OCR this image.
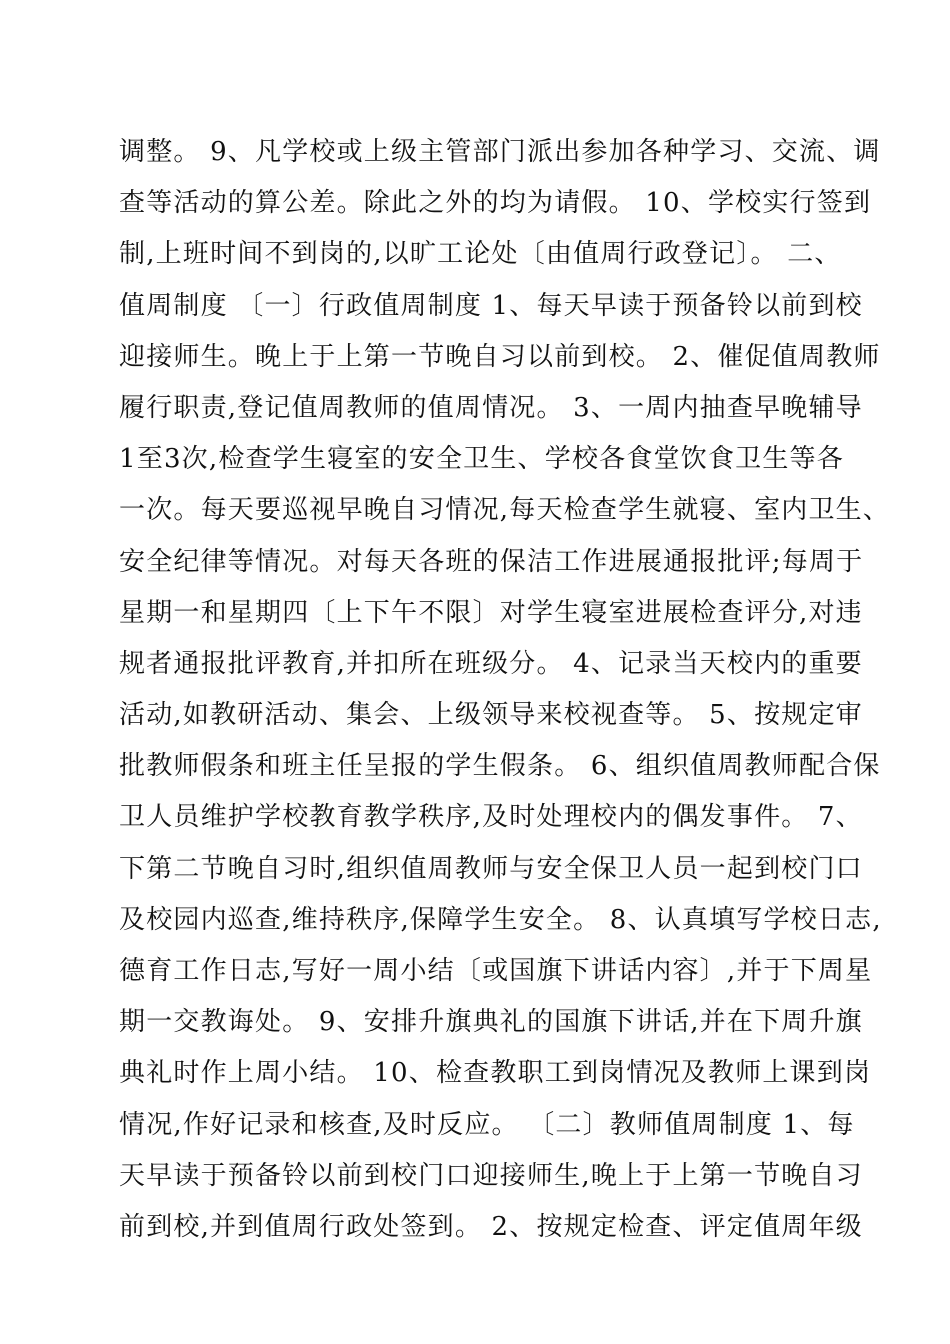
调整。 9、凡学校或上级主管部门派出参加各种学习、交流、调
查等活动的算公差。除此之外的均为请假。 10、学校实行签到
制,上班时间不到岗的,以旷工论处〔由值周行政登记〕。 二、
值周制度 〔一〕行政值周制度 1、每天早读于预备铃以前到校
迎接师生。晚上于上第一节晚自习以前到校。 2、催促值周教师
履行职责,登记值周教师的值周情况。 3、一周内抽查早晚辅导
1至3次,检查学生寝室的安全卫生、学校各食堂饮食卫生等各
一次。每天要巡视早晚自习情况,每天检查学生就寝、室内卫生、
安全纪律等情况。对每天各班的保洁工作进展通报批评;每周于
星期一和星期四〔上下午不限〕对学生寝室进展检查评分,对违
规者通报批评教育,并扣所在班级分。 4、记录当天校内的重要
活动,如教研活动、集会、上级领导来校视查等。 5、按规定审
批教师假条和班主任呈报的学生假条。 6、组织值周教师配合保
卫人员维护学校教育教学秩序,及时处理校内的偶发事件。 7、
下第二节晚自习时,组织值周教师与安全保卫人员一起到校门口
及校园内巡查,维持秩序,保障学生安全。 8、认真填写学校日志,
德育工作日志,写好一周小结〔或国旗下讲话内容〕,并于下周星
期一交教诲处。 9、安排升旗典礼的国旗下讲话,并在下周升旗
典礼时作上周小结。 10、检查教职工到岗情况及教师上课到岗
情况,作好记录和核查,及时反应。 〔二〕教师值周制度 1、每
天早读于预备铃以前到校门口迎接师生,晚上于上第一节晚自习
前到校,并到值周行政处签到。 2、按规定检查、评定值周年级
